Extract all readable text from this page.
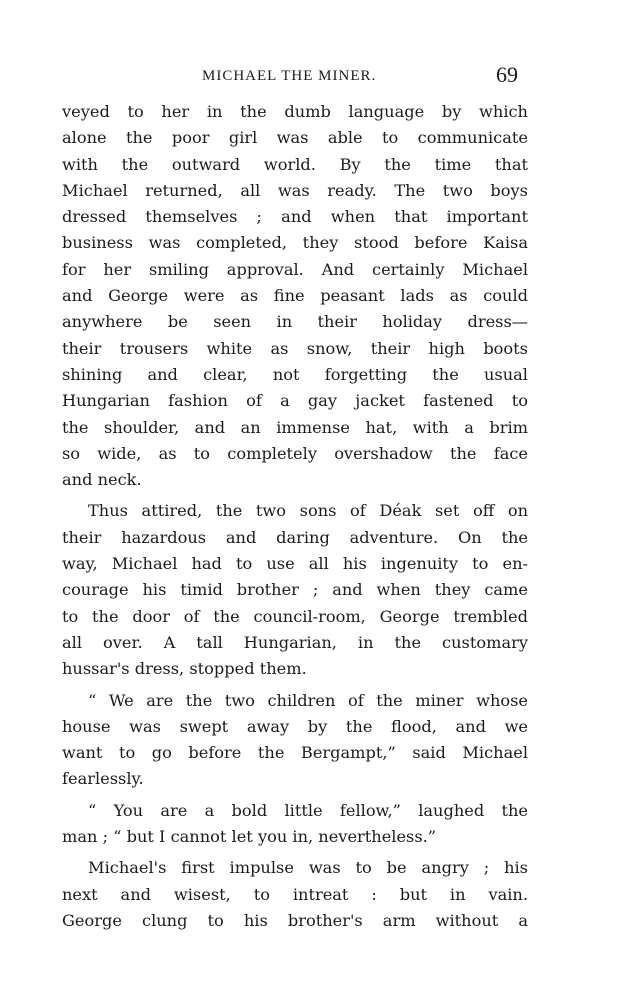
MICHAEL THE MINER.	69
veyed to her in the dumb language by which
alone the poor girl was able to communicate
with the outward world. By the time that
Michael returned, all was ready. The two boys
dressed themselves ; and when that important
business was completed, they stood before Kaisa
for her smiling approval. And certainly Michael
and George were as fine peasant lads as could
anywhere be seen in their holiday dress—
their trousers white as snow, their high boots
shining and clear, not forgetting the usual
Hungarian fashion of a gay jacket fastened to
the shoulder, and an immense hat, with a brim
so wide, as to completely overshadow the face
and neck.
Thus attired, the two sons of Déak set off on
their hazardous and daring adventure. On the
way, Michael had to use all his ingenuity to en-
courage his timid brother ; and when they came
to the door of the council-room, George trembled
all over. A tall Hungarian, in the customary
hussar's dress, stopped them.
“ We are the two children of the miner whose
house was swept away by the flood, and we
want to go before the Bergampt,” said Michael
fearlessly.
“ You are a bold little fellow,” laughed the
man ; “ but I cannot let you in, nevertheless.”
Michael's first impulse was to be angry ; his
next and wisest, to intreat : but in vain.
George clung to his brother's arm without a
